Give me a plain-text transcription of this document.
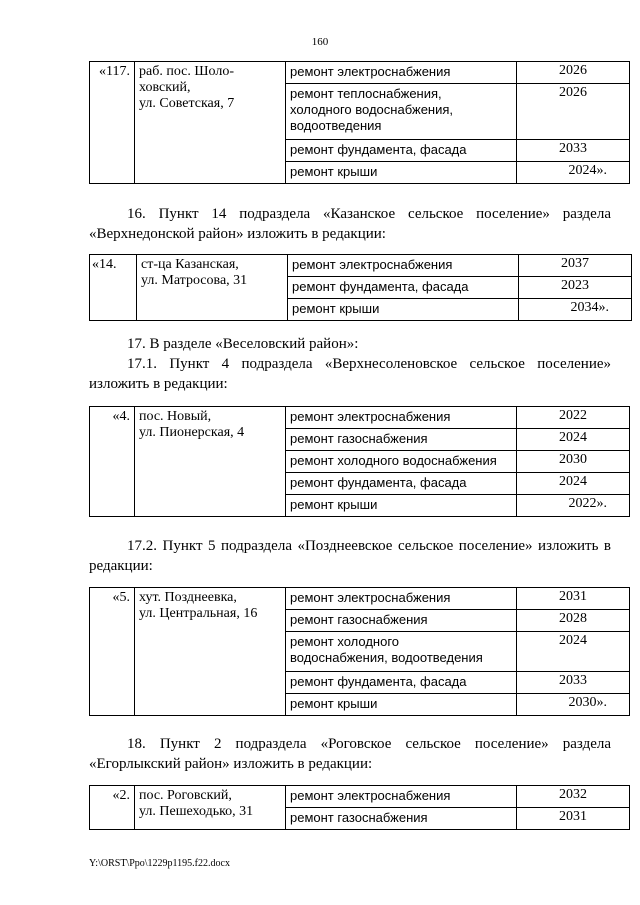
160
«117.	раб. пос. Шоло-
ховский,
ул. Советская, 7	ремонт электроснабжения	2026
		ремонт теплоснабжения,
холодного водоснабжения,
водоотведения	2026
		ремонт фундамента, фасада	2033
		ремонт крыши	2024».
16. Пункт 14 подраздела «Казанское сельское поселение» раздела «Верхнедонской район» изложить в редакции:
«14.	ст-ца Казанская,
ул. Матросова, 31	ремонт электроснабжения	2037
		ремонт фундамента, фасада	2023
		ремонт крыши	2034».
17. В разделе «Веселовский район»:
17.1. Пункт 4 подраздела «Верхнесоленовское сельское поселение» изложить в редакции:
«4.	пос. Новый,
ул. Пионерская, 4	ремонт электроснабжения	2022
		ремонт газоснабжения	2024
		ремонт холодного водоснабжения	2030
		ремонт фундамента, фасада	2024
		ремонт крыши	2022».
17.2. Пункт 5 подраздела «Позднеевское сельское поселение» изложить в редакции:
«5.	хут. Позднеевка,
ул. Центральная, 16	ремонт электроснабжения	2031
		ремонт газоснабжения	2028
		ремонт холодного
водоснабжения, водоотведения	2024
		ремонт фундамента, фасада	2033
		ремонт крыши	2030».
18. Пункт 2 подраздела «Роговское сельское поселение» раздела «Егорлыкский район» изложить в редакции:
«2.	пос. Роговский,
ул. Пешеходько, 31	ремонт электроснабжения	2032
		ремонт газоснабжения	2031
Y:\ORST\Ppo\1229p1195.f22.docx
